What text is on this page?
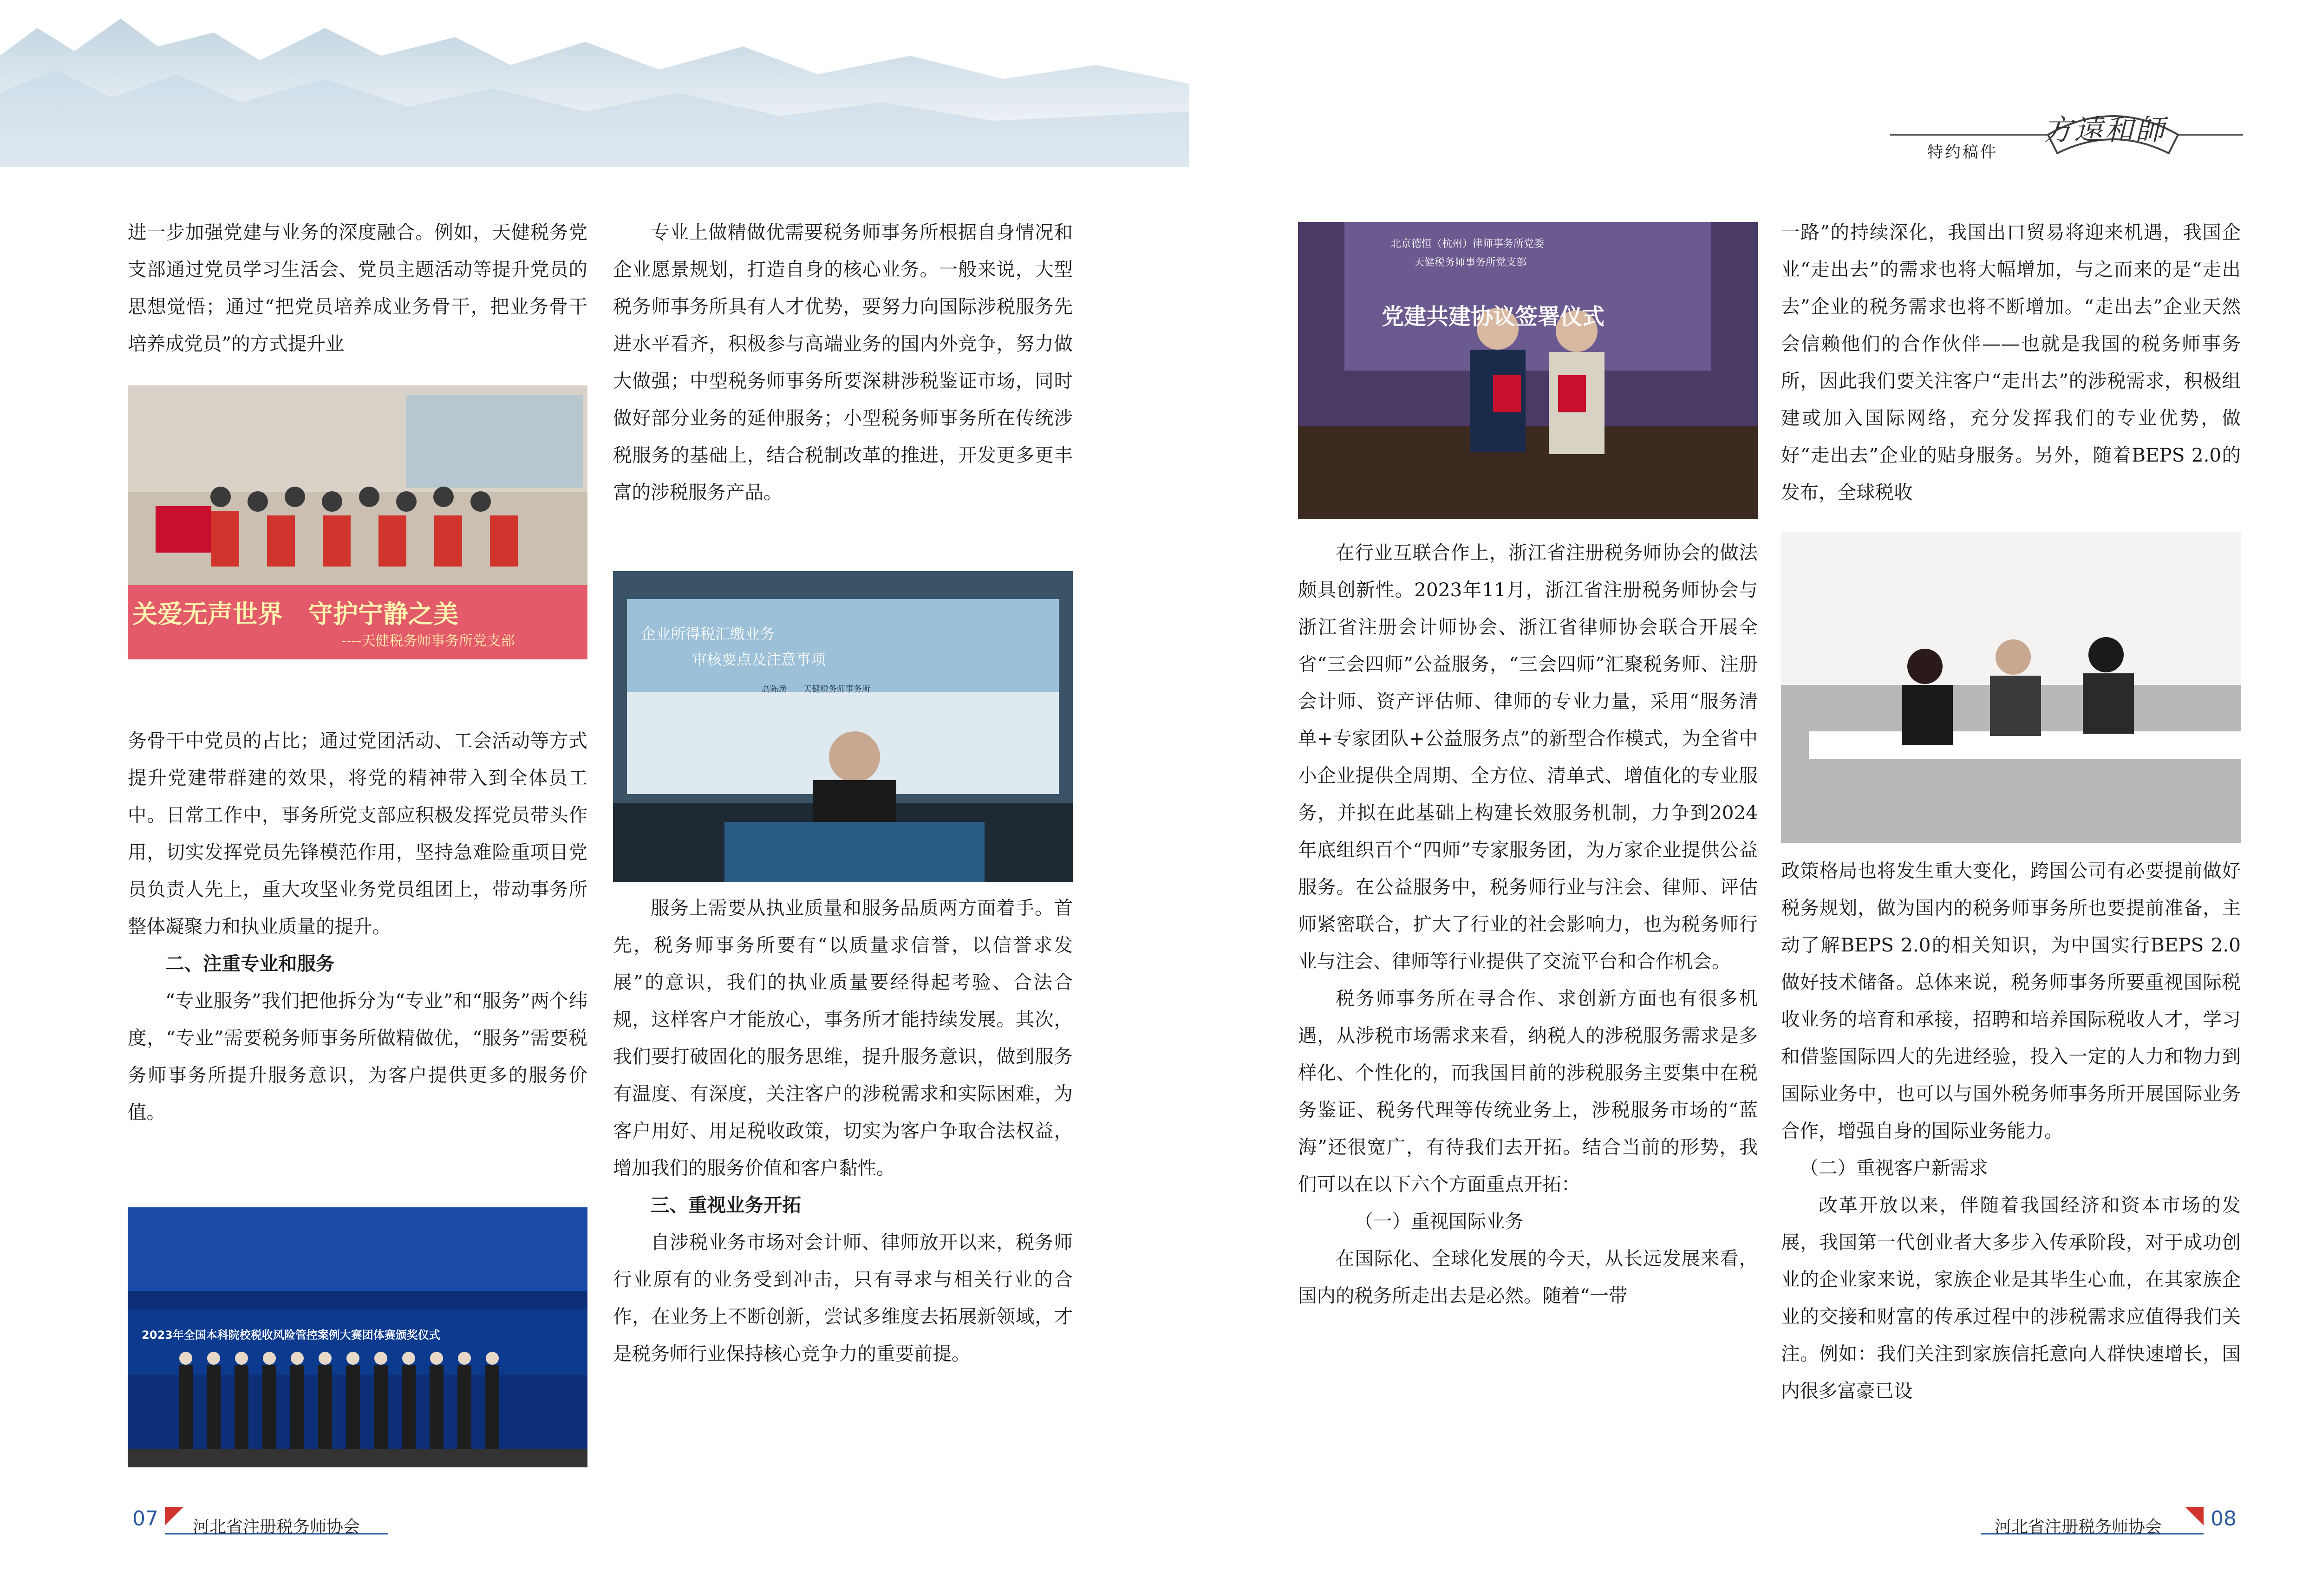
方遠和師
特约稿件

进一步加强党建与业务的深度融合。例如，天健税务党支部通过党员学习生活会、党员主题活动等提升党员的思想觉悟；通过“把党员培养成业务骨干，把业务骨干培养成党员”的方式提升业

关爱无声世界　守护宁静之美
----天健税务师事务所党支部

务骨干中党员的占比；通过党团活动、工会活动等方式提升党建带群建的效果，将党的精神带入到全体员工中。日常工作中，事务所党支部应积极发挥党员带头作用，切实发挥党员先锋模范作用，坚持急难险重项目党员负责人先上，重大攻坚业务党员组团上，带动事务所整体凝聚力和执业质量的提升。

二、注重专业和服务

“专业服务”我们把他拆分为“专业”和“服务”两个纬度，“专业”需要税务师事务所做精做优，“服务”需要税务师事务所提升服务意识，为客户提供更多的服务价值。

2023年全国本科院校税收风险管控案例大赛团体赛颁奖仪式

专业上做精做优需要税务师事务所根据自身情况和企业愿景规划，打造自身的核心业务。一般来说，大型税务师事务所具有人才优势，要努力向国际涉税服务先进水平看齐，积极参与高端业务的国内外竞争，努力做大做强；中型税务师事务所要深耕涉税鉴证市场，同时做好部分业务的延伸服务；小型税务师事务所在传统涉税服务的基础上，结合税制改革的推进，开发更多更丰富的涉税服务产品。

企业所得税汇缴业务
审核要点及注意事项
高陈焕　　天健税务师事务所

服务上需要从执业质量和服务品质两方面着手。首先，税务师事务所要有“以质量求信誉，以信誉求发展”的意识，我们的执业质量要经得起考验、合法合规，这样客户才能放心，事务所才能持续发展。其次，我们要打破固化的服务思维，提升服务意识，做到服务有温度、有深度，关注客户的涉税需求和实际困难，为客户用好、用足税收政策，切实为客户争取合法权益，增加我们的服务价值和客户黏性。

三、重视业务开拓

自涉税业务市场对会计师、律师放开以来，税务师行业原有的业务受到冲击，只有寻求与相关行业的合作，在业务上不断创新，尝试多维度去拓展新领域，才是税务师行业保持核心竞争力的重要前提。

北京德恒（杭州）律师事务所党委
天健税务师事务所党支部
党建共建协议签署仪式

在行业互联合作上，浙江省注册税务师协会的做法颇具创新性。2023年11月，浙江省注册税务师协会与浙江省注册会计师协会、浙江省律师协会联合开展全省“三会四师”公益服务，“三会四师”汇聚税务师、注册会计师、资产评估师、律师的专业力量，采用“服务清单+专家团队+公益服务点”的新型合作模式，为全省中小企业提供全周期、全方位、清单式、增值化的专业服务，并拟在此基础上构建长效服务机制，力争到2024年底组织百个“四师”专家服务团，为万家企业提供公益服务。在公益服务中，税务师行业与注会、律师、评估师紧密联合，扩大了行业的社会影响力，也为税务师行业与注会、律师等行业提供了交流平台和合作机会。

税务师事务所在寻合作、求创新方面也有很多机遇，从涉税市场需求来看，纳税人的涉税服务需求是多样化、个性化的，而我国目前的涉税服务主要集中在税务鉴证、税务代理等传统业务上，涉税服务市场的“蓝海”还很宽广，有待我们去开拓。结合当前的形势，我们可以在以下六个方面重点开拓：

（一）重视国际业务

在国际化、全球化发展的今天，从长远发展来看，国内的税务所走出去是必然。随着“一带

一路”的持续深化，我国出口贸易将迎来机遇，我国企业“走出去”的需求也将大幅增加，与之而来的是“走出去”企业的税务需求也将不断增加。“走出去”企业天然会信赖他们的合作伙伴——也就是我国的税务师事务所，因此我们要关注客户“走出去”的涉税需求，积极组建或加入国际网络，充分发挥我们的专业优势，做好“走出去”企业的贴身服务。另外，随着BEPS 2.0的发布，全球税收

政策格局也将发生重大变化，跨国公司有必要提前做好税务规划，做为国内的税务师事务所也要提前准备，主动了解BEPS 2.0的相关知识，为中国实行BEPS 2.0做好技术储备。总体来说，税务师事务所要重视国际税收业务的培育和承接，招聘和培养国际税收人才，学习和借鉴国际四大的先进经验，投入一定的人力和物力到国际业务中，也可以与国外税务师事务所开展国际业务合作，增强自身的国际业务能力。

（二）重视客户新需求

改革开放以来，伴随着我国经济和资本市场的发展，我国第一代创业者大多步入传承阶段，对于成功创业的企业家来说，家族企业是其毕生心血，在其家族企业的交接和财富的传承过程中的涉税需求应值得我们关注。例如：我们关注到家族信托意向人群快速增长，国内很多富豪已设

07 河北省注册税务师协会	河北省注册税务师协会 08
